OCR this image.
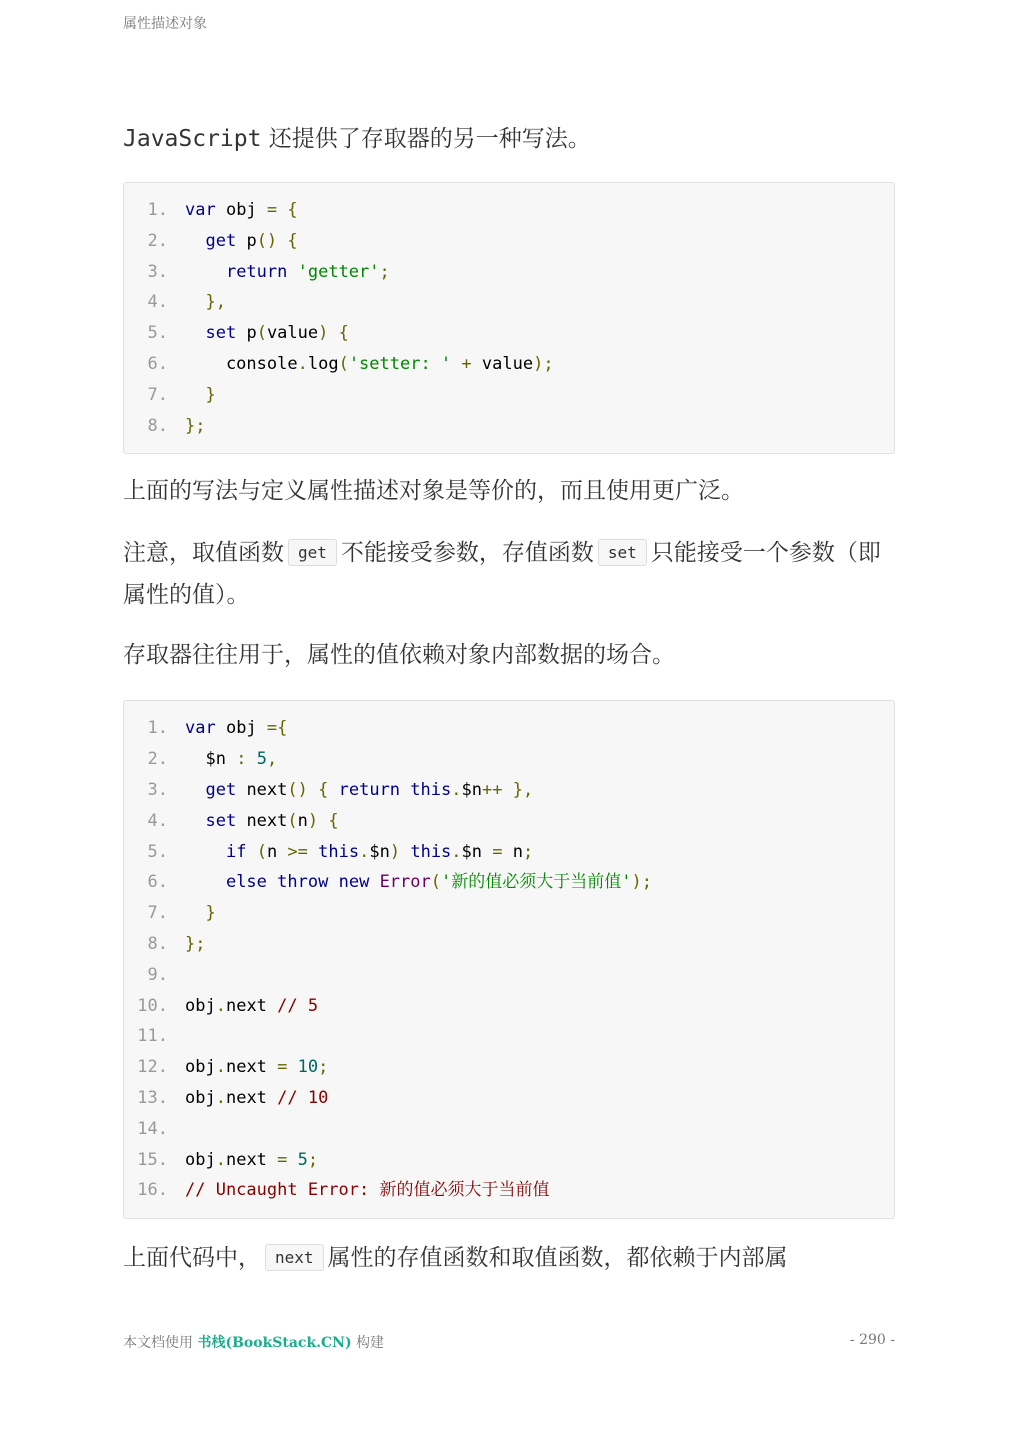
属性描述对象

JavaScript 还提供了存取器的另一种写法。

1.	var obj = {
2.	get p() {
3.	return 'getter';
4.	},
5.	set p(value) {
6.	console.log('setter: ' + value);
7.	}
8.	};

上面的写法与定义属性描述对象是等价的，而且使用更广泛。

注意，取值函数 get 不能接受参数，存值函数 set 只能接受一个参数（即属性的值）。

存取器往往用于，属性的值依赖对象内部数据的场合。

1.	var obj ={
2.	$n : 5,
3.	get next() { return this.$n++ },
4.	set next(n) {
5.	if (n >= this.$n) this.$n = n;
6.	else throw new Error('新的值必须大于当前值');
7.	}
8.	};
9.

10.	obj.next // 5
11.

12.	obj.next = 10;
13.	obj.next // 10
14.

15.	obj.next = 5;
16.	// Uncaught Error: 新的值必须大于当前值

上面代码中， next 属性的存值函数和取值函数，都依赖于内部属

本文档使用 书栈(BookStack.CN) 构建	- 290 -
